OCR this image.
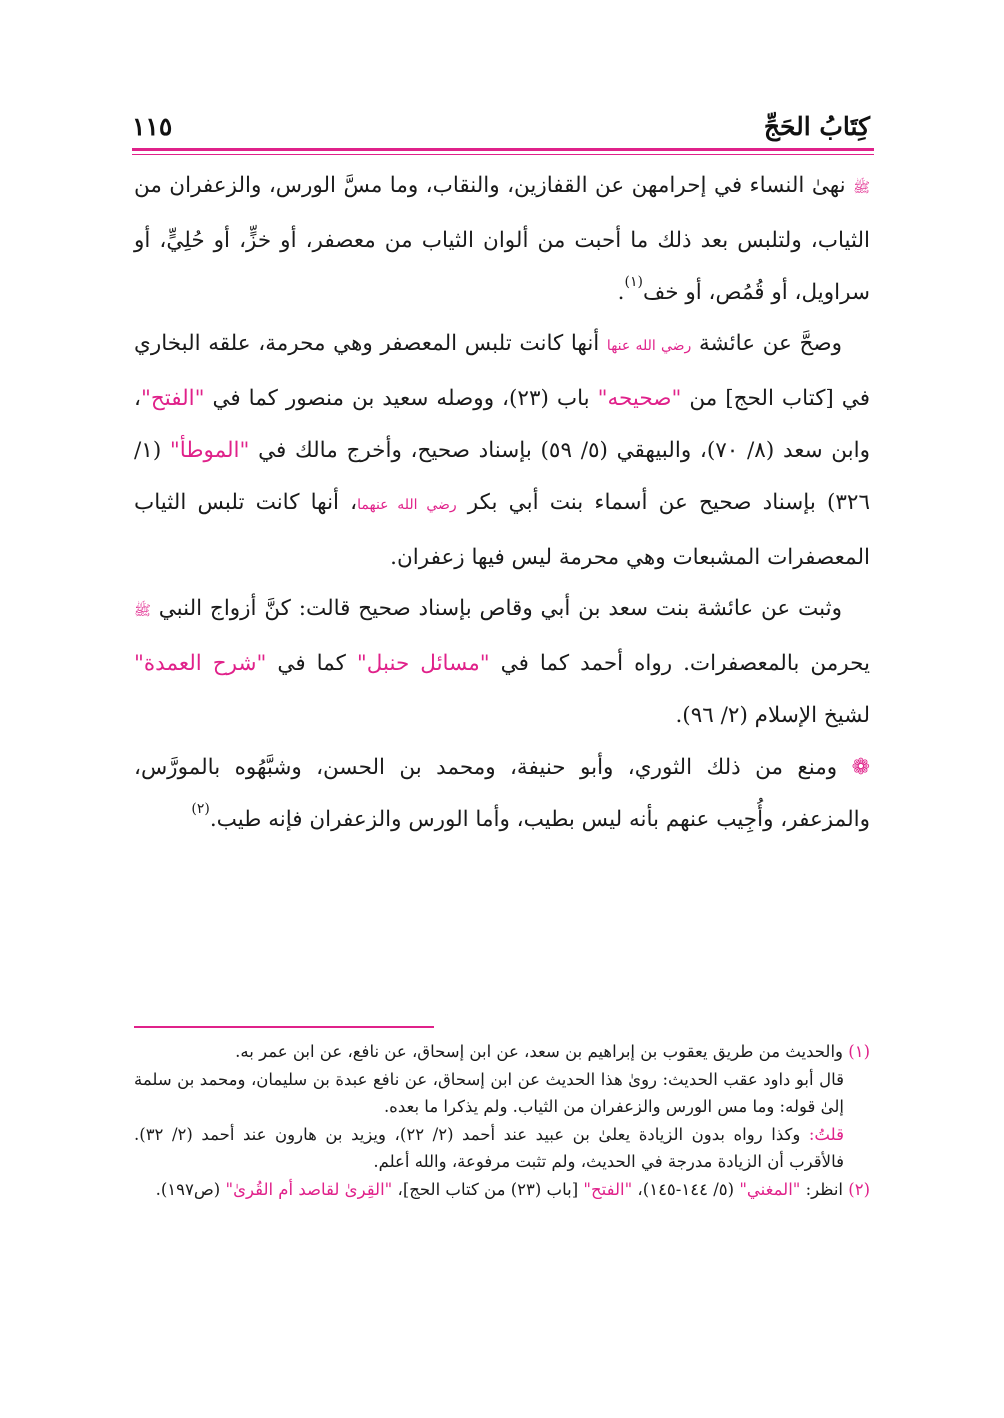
كِتَابُ الحَجِّ
١١٥

ﷺ نهىٰ النساء في إحرامهن عن القفازين، والنقاب، وما مسَّ الورس، والزعفران من الثياب، ولتلبس بعد ذلك ما أحبت من ألوان الثياب من معصفر، أو خزٍّ، أو حُلِيٍّ، أو سراويل، أو قُمُص، أو خف$^{(١)}$.

وصحَّ عن عائشة رضي الله عنها أنها كانت تلبس المعصفر وهي محرمة، علقه البخاري في [كتاب الحج] من "صحيحه" باب (٢٣)، ووصله سعيد بن منصور كما في "الفتح"، وابن سعد (٨/ ٧٠)، والبيهقي (٥/ ٥٩) بإسناد صحيح، وأخرج مالك في "الموطأ" (١/ ٣٢٦) بإسناد صحيح عن أسماء بنت أبي بكر رضي الله عنهما، أنها كانت تلبس الثياب المعصفرات المشبعات وهي محرمة ليس فيها زعفران.

وثبت عن عائشة بنت سعد بن أبي وقاص بإسناد صحيح قالت: كنَّ أزواج النبي ﷺ يحرمن بالمعصفرات. رواه أحمد كما في "مسائل حنبل" كما في "شرح العمدة" لشيخ الإسلام (٢/ ٩٦).

❁ ومنع من ذلك الثوري، وأبو حنيفة، ومحمد بن الحسن، وشبَّهُوه بالمورَّس، والمزعفر، وأُجِيب عنهم بأنه ليس بطيب، وأما الورس والزعفران فإنه طيب.$^{(٢)}$

(١) والحديث من طريق يعقوب بن إبراهيم بن سعد، عن ابن إسحاق، عن نافع، عن ابن عمر به.

قال أبو داود عقب الحديث: روىٰ هذا الحديث عن ابن إسحاق، عن نافع عبدة بن سليمان، ومحمد بن سلمة إلىٰ قوله: وما مس الورس والزعفران من الثياب. ولم يذكرا ما بعده.

قلتُ: وكذا رواه بدون الزيادة يعلىٰ بن عبيد عند أحمد (٢/ ٢٢)، ويزيد بن هارون عند أحمد (٢/ ٣٢). فالأقرب أن الزيادة مدرجة في الحديث، ولم تثبت مرفوعة، والله أعلم.

(٢) انظر: "المغني" (٥/ ١٤٤-١٤٥)، "الفتح" [باب (٢٣) من كتاب الحج]، "القِرىٰ لقاصد أم القُرىٰ" (ص١٩٧).
